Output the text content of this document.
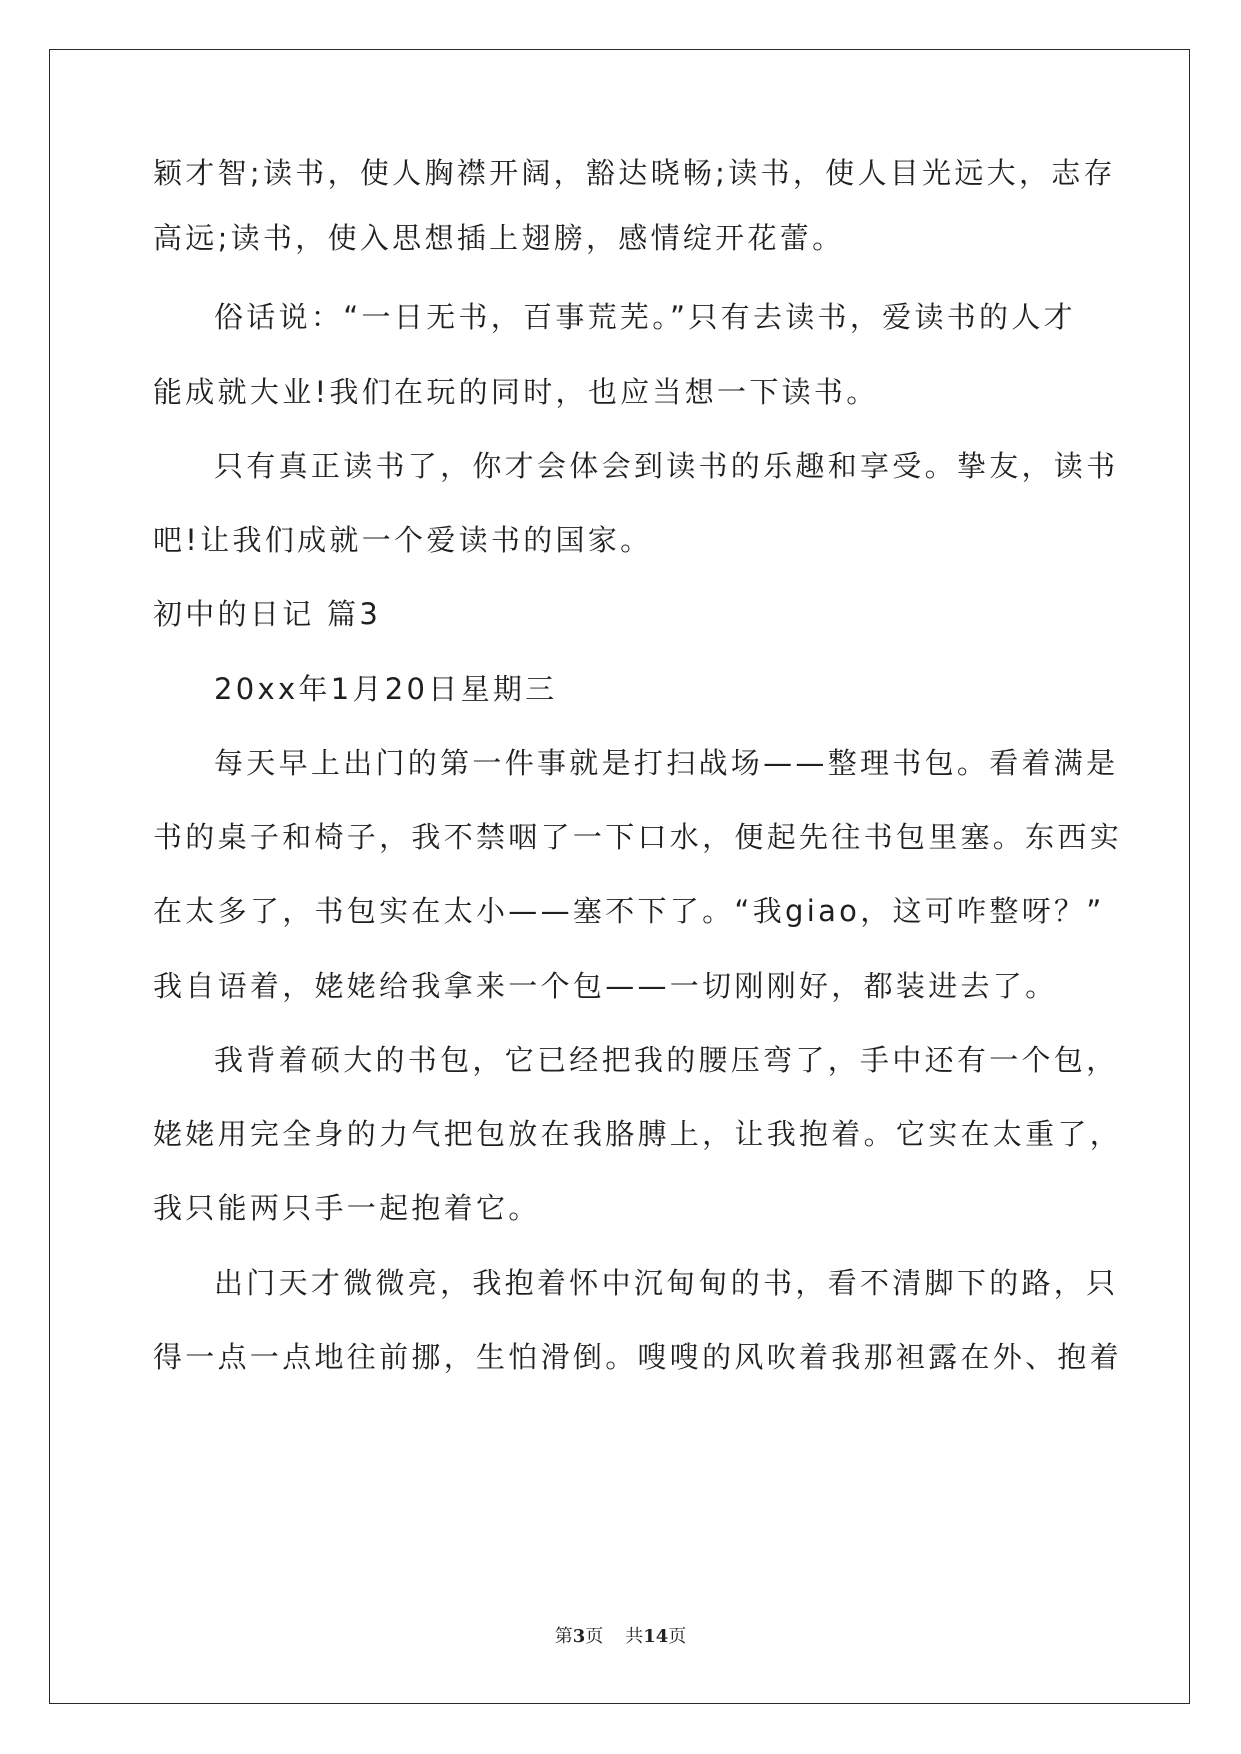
颖才智;读书，使人胸襟开阔，豁达晓畅;读书，使人目光远大，志存
高远;读书，使入思想插上翅膀，感情绽开花蕾。
俗话说：“一日无书，百事荒芜。”只有去读书，爱读书的人才
能成就大业!我们在玩的同时，也应当想一下读书。
只有真正读书了，你才会体会到读书的乐趣和享受。挚友，读书
吧!让我们成就一个爱读书的国家。
初中的日记 篇3
20xx年1月20日星期三
每天早上出门的第一件事就是打扫战场——整理书包。看着满是
书的桌子和椅子，我不禁咽了一下口水，便起先往书包里塞。东西实
在太多了，书包实在太小——塞不下了。“我giao，这可咋整呀？”
我自语着，姥姥给我拿来一个包——一切刚刚好，都装进去了。
我背着硕大的书包，它已经把我的腰压弯了，手中还有一个包，
姥姥用完全身的力气把包放在我胳膊上，让我抱着。它实在太重了，
我只能两只手一起抱着它。
出门天才微微亮，我抱着怀中沉甸甸的书，看不清脚下的路，只
得一点一点地往前挪，生怕滑倒。嗖嗖的风吹着我那袒露在外、抱着
第3页 共14页
